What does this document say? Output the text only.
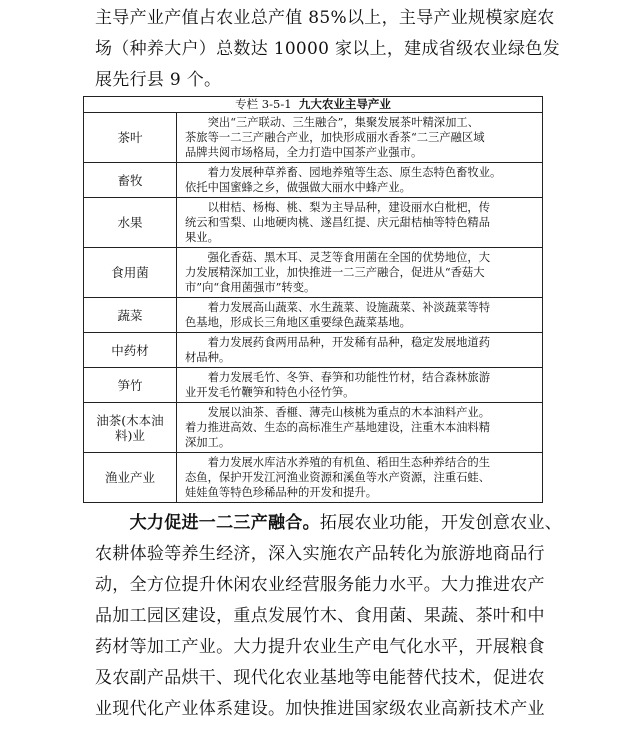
主导产业产值占农业总产值 85%以上，主导产业规模家庭农
场（种养大户）总数达 10000 家以上，建成省级农业绿色发
展先行县 9 个。
专栏 3-5-1 九大农业主导产业	
茶叶	　　突出“三产联动、三生融合”，集聚发展茶叶精深加工、
茶旅等一二三产融合产业，加快形成丽水香茶“二三产融区域
品牌共阅市场格局，全力打造中国茶产业强市。

畜牧	　　着力发展种草养畜、园地养殖等生态、原生态特色畜牧业。
依托中国蜜蜂之乡，做强做大丽水中蜂产业。

水果	　　以柑桔、杨梅、桃、梨为主导品种，建设丽水白枇杷，传
统云和雪梨、山地硬肉桃、遂昌红提、庆元甜桔柚等特色精品
果业。

食用菌	　　强化香菇、黑木耳、灵芝等食用菌在全国的优势地位，大
力发展精深加工业，加快推进一二三产融合，促进从“香菇大
市”向“食用菌强市”转变。

蔬菜	　　着力发展高山蔬菜、水生蔬菜、设施蔬菜、补淡蔬菜等特
色基地，形成长三角地区重要绿色蔬菜基地。

中药材	　　着力发展药食两用品种，开发稀有品种，稳定发展地道药
材品种。

笋竹	　　着力发展毛竹、冬笋、春笋和功能性竹材，结合森林旅游
业开发毛竹鞭笋和特色小径竹笋。

油茶(木本油
料)业	　　发展以油茶、香榧、薄壳山核桃为重点的木本油料产业。
着力推进高效、生态的高标准生产基地建设，注重木本油料精
深加工。

渔业产业	　　着力发展水库洁水养殖的有机鱼、稻田生态种养结合的生
态鱼，保护开发江河渔业资源和溪鱼等水产资源，注重石蛙、
娃娃鱼等特色珍稀品种的开发和提升。
　　大力促进一二三产融合。拓展农业功能，开发创意农业、
农耕体验等养生经济，深入实施农产品转化为旅游地商品行
动，全方位提升休闲农业经营服务能力水平。大力推进农产
品加工园区建设，重点发展竹木、食用菌、果蔬、茶叶和中
药材等加工产业。大力提升农业生产电气化水平，开展粮食
及农副产品烘干、现代化农业基地等电能替代技术，促进农
业现代化产业体系建设。加快推进国家级农业高新技术产业
